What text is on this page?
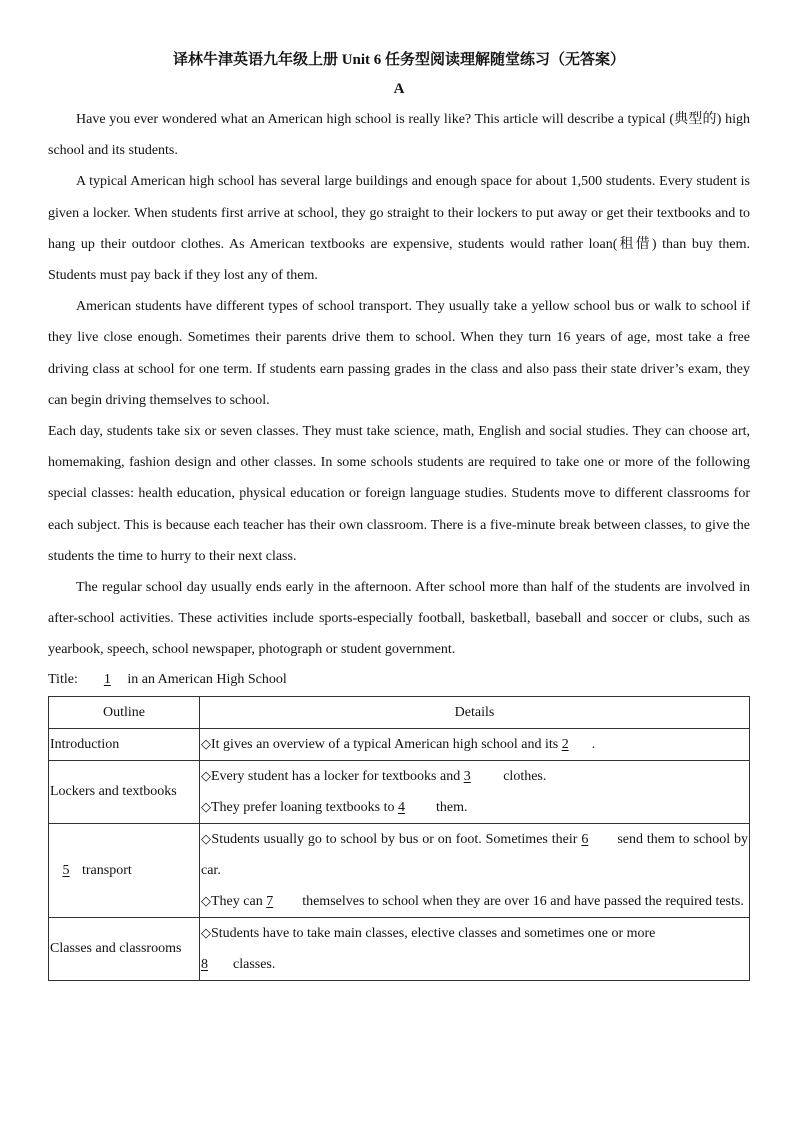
译林牛津英语九年级上册 Unit 6 任务型阅读理解随堂练习（无答案）
A

Have you ever wondered what an American high school is really like? This article will describe a typical (典型的) high school and its students.

A typical American high school has several large buildings and enough space for about 1,500 students. Every student is given a locker. When students first arrive at school, they go straight to their lockers to put away or get their textbooks and to hang up their outdoor clothes. As American textbooks are expensive, students would rather loan(租借) than buy them. Students must pay back if they lost any of them.

American students have different types of school transport. They usually take a yellow school bus or walk to school if they live close enough. Sometimes their parents drive them to school. When they turn 16 years of age, most take a free driving class at school for one term. If students earn passing grades in the class and also pass their state driver’s exam, they can begin driving themselves to school.

Each day, students take six or seven classes. They must take science, math, English and social studies. They can choose art, homemaking, fashion design and other classes. In some schools students are required to take one or more of the following special classes: health education, physical education or foreign language studies. Students move to different classrooms for each subject. This is because each teacher has their own classroom. There is a five-minute break between classes, to give the students the time to hurry to their next class.

The regular school day usually ends early in the afternoon. After school more than half of the students are involved in after-school activities. These activities include sports-especially football, basketball, baseball and soccer or clubs, such as yearbook, speech, school newspaper, photograph or student government.

Title: 1 in an American High School

Outline	Details
Introduction	◇It gives an overview of a typical American high school and its 2 .
Lockers and textbooks	◇Every student has a locker for textbooks and 3 clothes.
◇They prefer loaning textbooks to 4 them.

5 transport	◇Students usually go to school by bus or on foot. Sometimes their 6 send them to school by car.
◇They can 7 themselves to school when they are over 16 and have passed the required tests.

Classes and classrooms	◇Students have to take main classes, elective classes and sometimes one or more
8 classes.
